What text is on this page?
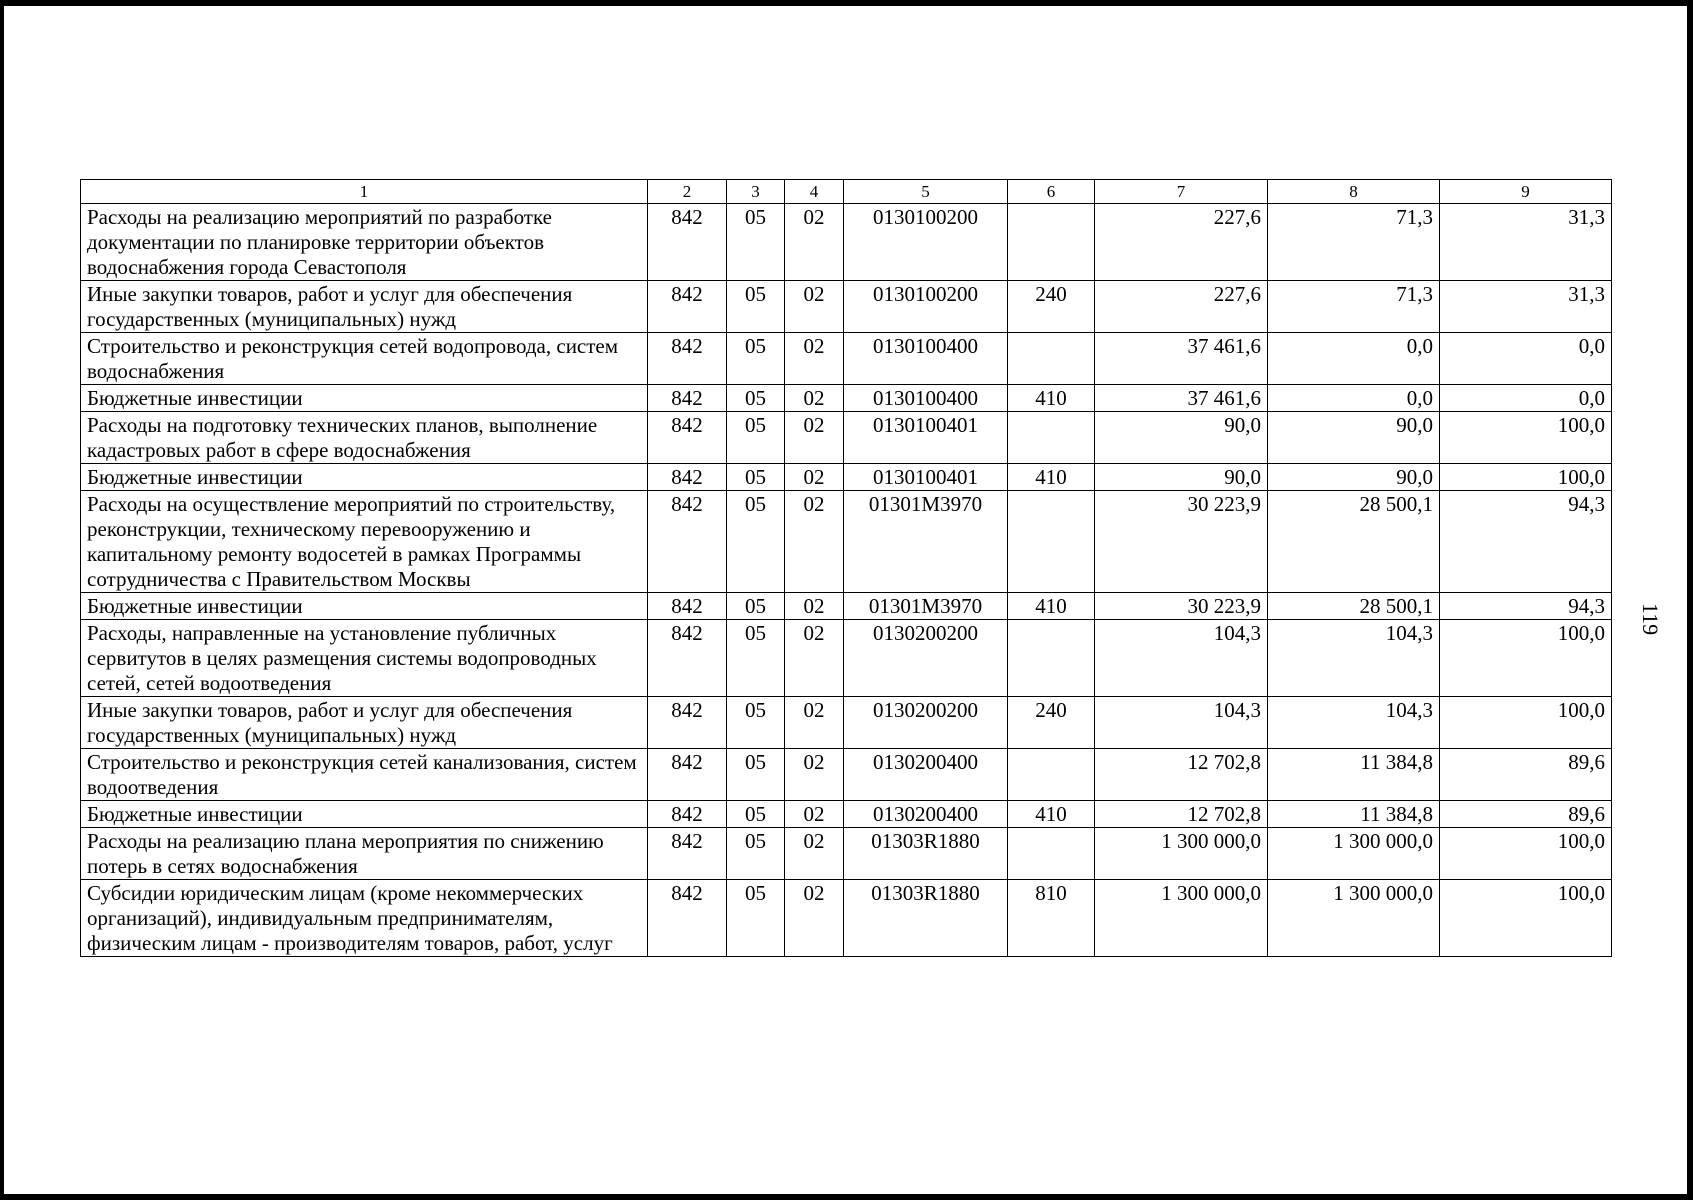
119
1	2	3	4	5	6	7	8	9
Расходы на реализацию мероприятий по разработке документации по планировке территории объектов водоснабжения города Севастополя	842	05	02	0130100200		227,6	71,3	31,3
Иные закупки товаров, работ и услуг для обеспечения государственных (муниципальных) нужд	842	05	02	0130100200	240	227,6	71,3	31,3
Строительство и реконструкция сетей водопровода, систем водоснабжения	842	05	02	0130100400		37 461,6	0,0	0,0
Бюджетные инвестиции	842	05	02	0130100400	410	37 461,6	0,0	0,0
Расходы на подготовку технических планов, выполнение кадастровых работ в сфере водоснабжения	842	05	02	0130100401		90,0	90,0	100,0
Бюджетные инвестиции	842	05	02	0130100401	410	90,0	90,0	100,0
Расходы на осуществление мероприятий по строительству, реконструкции, техническому перевооружению и капитальному ремонту водосетей в рамках Программы сотрудничества с Правительством Москвы	842	05	02	01301M3970		30 223,9	28 500,1	94,3
Бюджетные инвестиции	842	05	02	01301M3970	410	30 223,9	28 500,1	94,3
Расходы, направленные на установление публичных сервитутов в целях размещения системы водопроводных сетей, сетей водоотведения	842	05	02	0130200200		104,3	104,3	100,0
Иные закупки товаров, работ и услуг для обеспечения государственных (муниципальных) нужд	842	05	02	0130200200	240	104,3	104,3	100,0
Строительство и реконструкция сетей канализования, систем водоотведения	842	05	02	0130200400		12 702,8	11 384,8	89,6
Бюджетные инвестиции	842	05	02	0130200400	410	12 702,8	11 384,8	89,6
Расходы на реализацию плана мероприятия по снижению потерь в сетях водоснабжения	842	05	02	01303R1880		1 300 000,0	1 300 000,0	100,0
Субсидии юридическим лицам (кроме некоммерческих организаций), индивидуальным предпринимателям, физическим лицам - производителям товаров, работ, услуг	842	05	02	01303R1880	810	1 300 000,0	1 300 000,0	100,0
